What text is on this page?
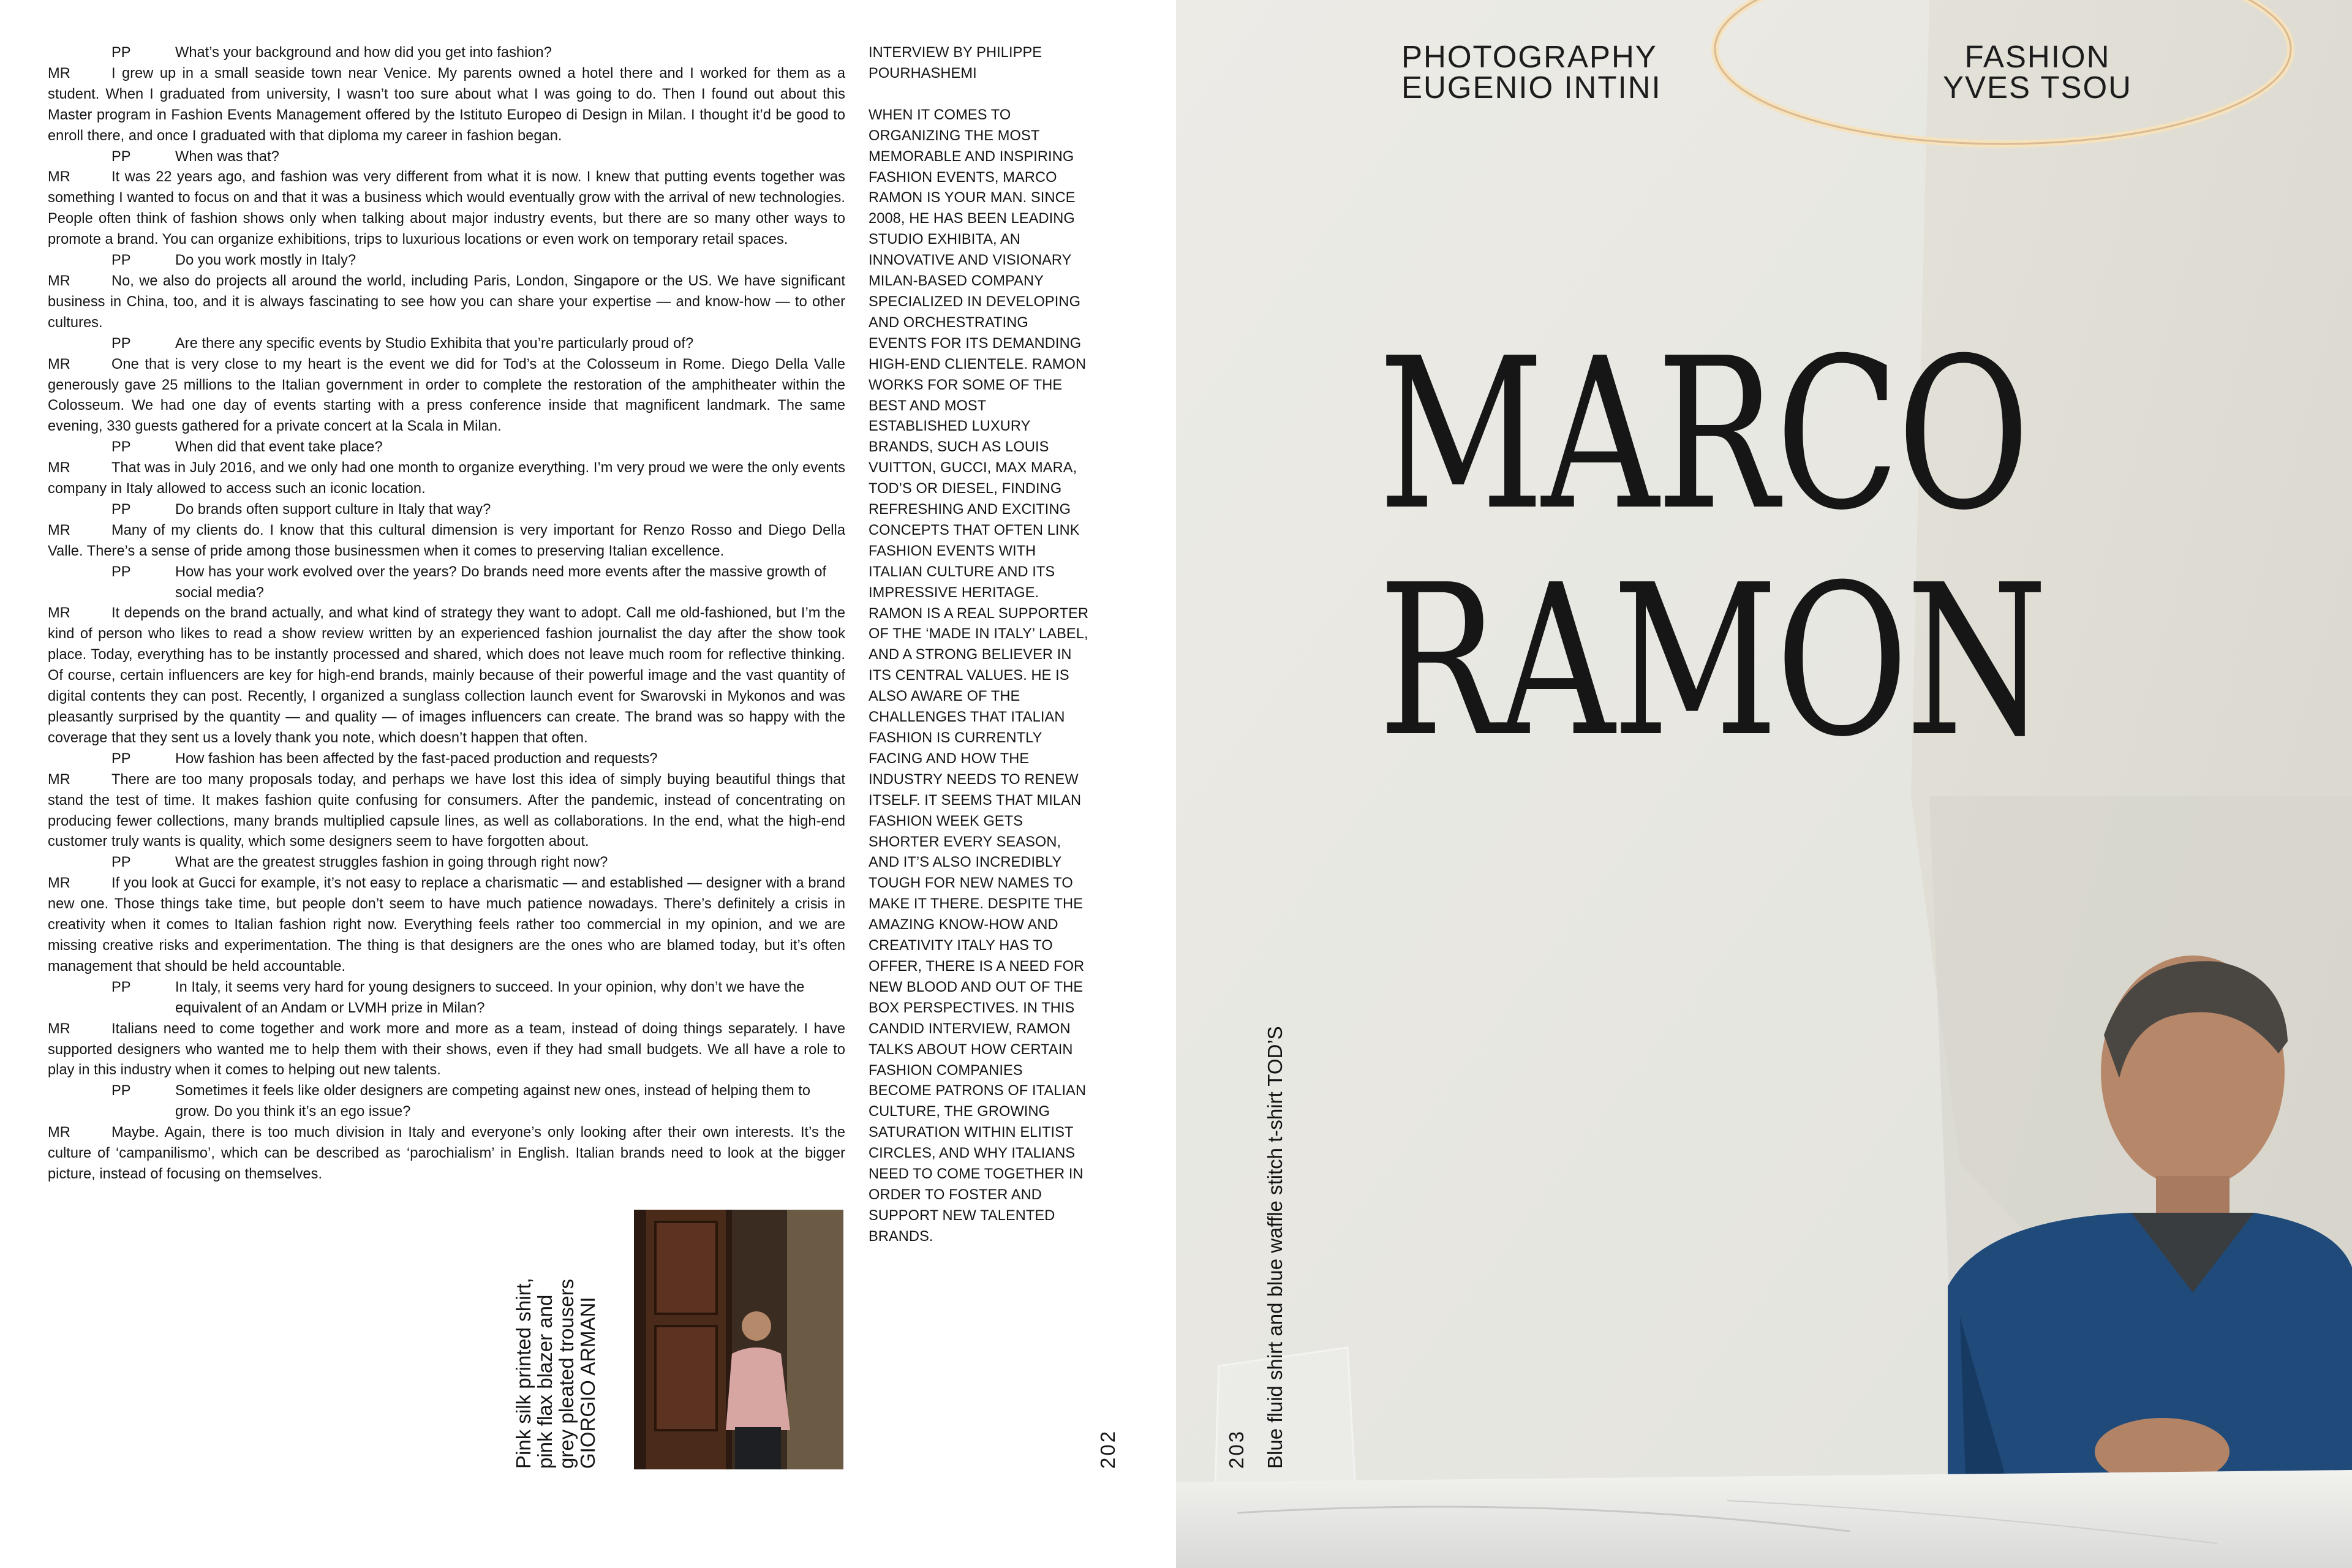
PP	What’s your background and how did you get into fashion?
MR	I grew up in a small seaside town near Venice. My parents owned a hotel there and I worked for them as a student. When I graduated from university, I wasn’t too sure about what I was going to do. Then I found out about this Master program in Fashion Events Management offered by the Istituto Europeo di Design in Milan. I thought it’d be good to enroll there, and once I graduated with that diploma my career in fashion began.
PP	When was that?
MR	It was 22 years ago, and fashion was very different from what it is now. I knew that putting events together was something I wanted to focus on and that it was a business which would eventually grow with the arrival of new technologies. People often think of fashion shows only when talking about major industry events, but there are so many other ways to promote a brand. You can organize exhibitions, trips to luxurious locations or even work on temporary retail spaces.
PP	Do you work mostly in Italy?
MR	No, we also do projects all around the world, including Paris, London, Singapore or the US. We have significant business in China, too, and it is always fascinating to see how you can share your expertise — and know-how — to other cultures.
PP	Are there any specific events by Studio Exhibita that you’re particularly proud of?
MR	One that is very close to my heart is the event we did for Tod’s at the Colosseum in Rome. Diego Della Valle generously gave 25 millions to the Italian government in order to complete the restoration of the amphitheater within the Colosseum. We had one day of events starting with a press conference inside that magnificent landmark. The same evening, 330 guests gathered for a private concert at la Scala in Milan.
PP	When did that event take place?
MR	That was in July 2016, and we only had one month to organize everything. I’m very proud we were the only events company in Italy allowed to access such an iconic location.
PP	Do brands often support culture in Italy that way?
MR	Many of my clients do. I know that this cultural dimension is very important for Renzo Rosso and Diego Della Valle. There’s a sense of pride among those businessmen when it comes to preserving Italian excellence.
PP	How has your work evolved over the years? Do brands need more events after the massive growth of social media?
MR	It depends on the brand actually, and what kind of strategy they want to adopt. Call me old-fashioned, but I’m the kind of person who likes to read a show review written by an experienced fashion journalist the day after the show took place. Today, everything has to be instantly processed and shared, which does not leave much room for reflective thinking. Of course, certain influencers are key for high-end brands, mainly because of their powerful image and the vast quantity of digital contents they can post. Recently, I organized a sunglass collection launch event for Swarovski in Mykonos and was pleasantly surprised by the quantity — and quality — of images influencers can create. The brand was so happy with the coverage that they sent us a lovely thank you note, which doesn’t happen that often.
PP	How fashion has been affected by the fast-paced production and requests?
MR	There are too many proposals today, and perhaps we have lost this idea of simply buying beautiful things that stand the test of time. It makes fashion quite confusing for consumers. After the pandemic, instead of concentrating on producing fewer collections, many brands multiplied capsule lines, as well as collaborations. In the end, what the high-end customer truly wants is quality, which some designers seem to have forgotten about.
PP	What are the greatest struggles fashion in going through right now?
MR	If you look at Gucci for example, it’s not easy to replace a charismatic — and established — designer with a brand new one. Those things take time, but people don’t seem to have much patience nowadays. There’s definitely a crisis in creativity when it comes to Italian fashion right now. Everything feels rather too commercial in my opinion, and we are missing creative risks and experimentation. The thing is that designers are the ones who are blamed today, but it’s often management that should be held accountable.
PP	In Italy, it seems very hard for young designers to succeed. In your opinion, why don’t we have the equivalent of an Andam or LVMH prize in Milan?
MR	Italians need to come together and work more and more as a team, instead of doing things separately. I have supported designers who wanted me to help them with their shows, even if they had small budgets. We all have a role to play in this industry when it comes to helping out new talents.
PP	Sometimes it feels like older designers are competing against new ones, instead of helping them to grow. Do you think it’s an ego issue?
MR	Maybe. Again, there is too much division in Italy and everyone’s only looking after their own interests. It’s the culture of ‘campanilismo’, which can be described as ‘parochialism’ in English. Italian brands need to look at the bigger picture, instead of focusing on themselves.
INTERVIEW BY PHILIPPE POURHASHEMI
WHEN IT COMES TO ORGANIZING THE MOST MEMORABLE AND INSPIRING FASHION EVENTS, MARCO RAMON IS YOUR MAN. SINCE 2008, HE HAS BEEN LEADING STUDIO EXHIBITA, AN INNOVATIVE AND VISIONARY MILAN-BASED COMPANY SPECIALIZED IN DEVELOPING AND ORCHESTRATING EVENTS FOR ITS DEMANDING HIGH-END CLIENTELE. RAMON WORKS FOR SOME OF THE BEST AND MOST ESTABLISHED LUXURY BRANDS, SUCH AS LOUIS VUITTON, GUCCI, MAX MARA, TOD’S OR DIESEL, FINDING REFRESHING AND EXCITING CONCEPTS THAT OFTEN LINK FASHION EVENTS WITH ITALIAN CULTURE AND ITS IMPRESSIVE HERITAGE. RAMON IS A REAL SUPPORTER OF THE ‘MADE IN ITALY’ LABEL, AND A STRONG BELIEVER IN ITS CENTRAL VALUES. HE IS ALSO AWARE OF THE CHALLENGES THAT ITALIAN FASHION IS CURRENTLY FACING AND HOW THE INDUSTRY NEEDS TO RENEW ITSELF. IT SEEMS THAT MILAN FASHION WEEK GETS SHORTER EVERY SEASON, AND IT’S ALSO INCREDIBLY TOUGH FOR NEW NAMES TO MAKE IT THERE. DESPITE THE AMAZING KNOW-HOW AND CREATIVITY ITALY HAS TO OFFER, THERE IS A NEED FOR NEW BLOOD AND OUT OF THE BOX PERSPECTIVES. IN THIS CANDID INTERVIEW, RAMON TALKS ABOUT HOW CERTAIN FASHION COMPANIES BECOME PATRONS OF ITALIAN CULTURE, THE GROWING SATURATION WITHIN ELITIST CIRCLES, AND WHY ITALIANS NEED TO COME TOGETHER IN ORDER TO FOSTER AND SUPPORT NEW TALENTED BRANDS.
Pink silk printed shirt,
pink flax blazer and
grey pleated trousers
GIORGIO ARMANI	202
PHOTOGRAPHY
EUGENIO INTINI
FASHION
YVES TSOU
MARCO
RAMON
203 Blue fluid shirt and blue waffle stitch t-shirt TOD’S
